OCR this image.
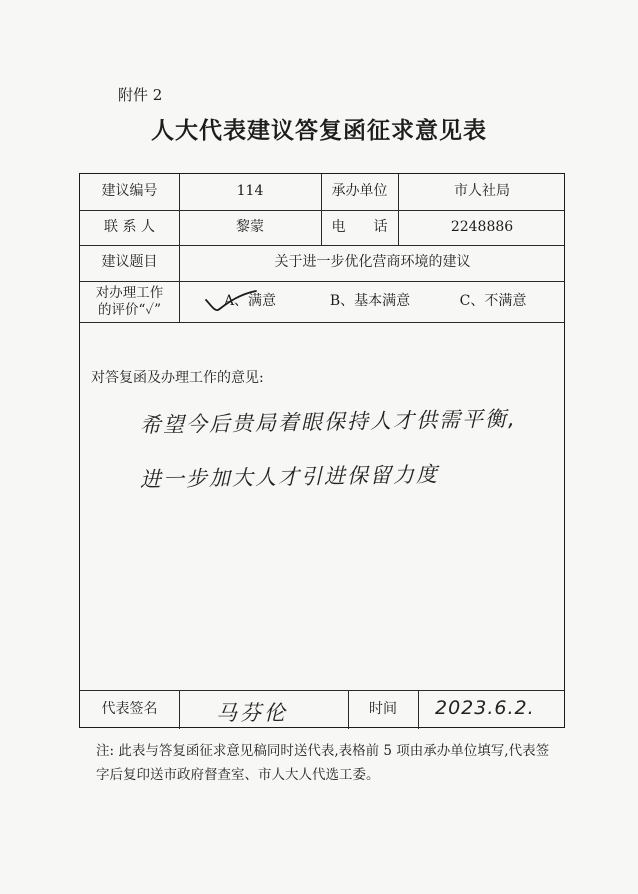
附件 2
人大代表建议答复函征求意见表
建议编号	114	承办单位	市人社局
联 系 人	黎蒙	电　　话	2248886
建议题目	关于进一步优化营商环境的建议
对办理工作
的评价“✓”
A、满意	B、基本满意	C、不满意
对答复函及办理工作的意见:
希望今后贵局着眼保持人才供需平衡,
进一步加大人才引进保留力度
代表签名	马芬伦	时间	2023.6.2.
注: 此表与答复函征求意见稿同时送代表,表格前 5 项由承办单位填写,代表签字后复印送市政府督查室、市人大人代选工委。
